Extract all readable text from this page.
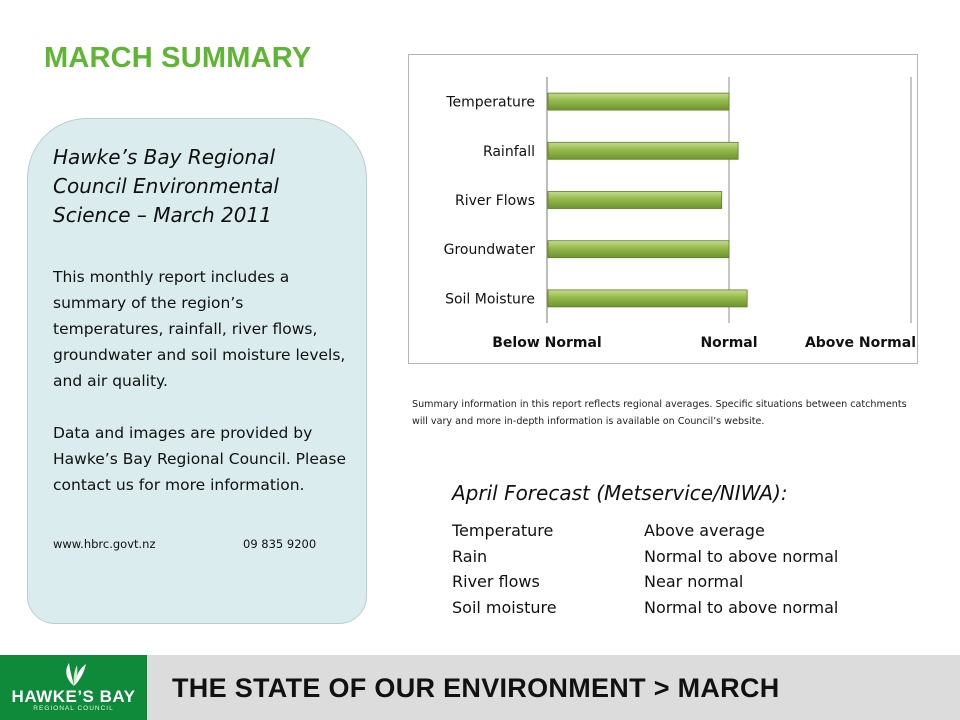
MARCH SUMMARY
Hawke’s Bay Regional Council Environmental Science – March 2011

This monthly report includes a summary of the region’s temperatures, rainfall, river flows, groundwater and soil moisture levels, and air quality.

Data and images are provided by Hawke’s Bay Regional Council. Please contact us for more information.

www.hbrc.govt.nz	09 835 9200
Temperature
Rainfall
River Flows
Groundwater
Soil Moisture
Below Normal	Normal	Above Normal
Summary information in this report reflects regional averages. Specific situations between catchments will vary and more in-depth information is available on Council’s website.
April Forecast (Metservice/NIWA):
Temperature	Above average
Rain	Normal to above normal
River flows	Near normal
Soil moisture	Normal to above normal
HAWKE’S BAY
REGIONAL COUNCIL
THE STATE OF OUR ENVIRONMENT > MARCH
